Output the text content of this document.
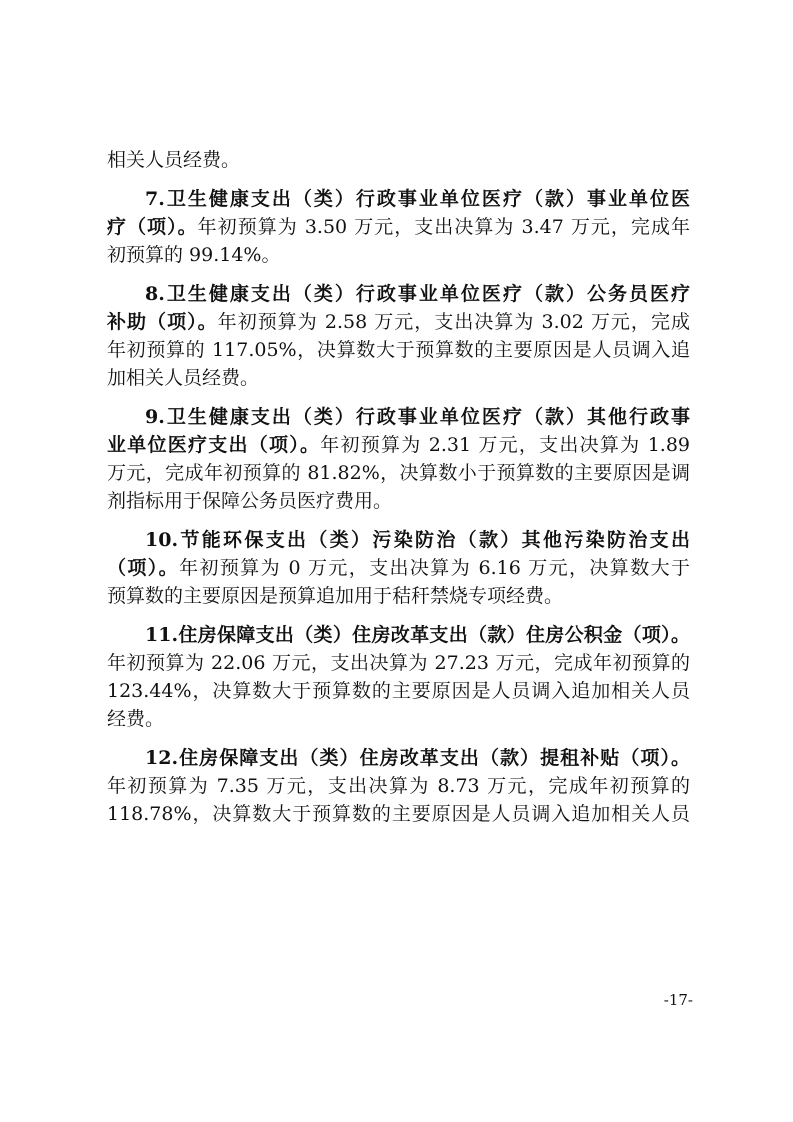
相关人员经费。
7.卫生健康支出（类）行政事业单位医疗（款）事业单位医
疗（项）。年初预算为 3.50 万元，支出决算为 3.47 万元，完成年
初预算的 99.14%。
8.卫生健康支出（类）行政事业单位医疗（款）公务员医疗
补助（项）。年初预算为 2.58 万元，支出决算为 3.02 万元，完成
年初预算的 117.05%，决算数大于预算数的主要原因是人员调入追
加相关人员经费。
9.卫生健康支出（类）行政事业单位医疗（款）其他行政事
业单位医疗支出（项）。年初预算为 2.31 万元，支出决算为 1.89
万元，完成年初预算的 81.82%，决算数小于预算数的主要原因是调
剂指标用于保障公务员医疗费用。
10.节能环保支出（类）污染防治（款）其他污染防治支出
（项）。年初预算为 0 万元，支出决算为 6.16 万元，决算数大于
预算数的主要原因是预算追加用于秸秆禁烧专项经费。
11.住房保障支出（类）住房改革支出（款）住房公积金（项）。
年初预算为 22.06 万元，支出决算为 27.23 万元，完成年初预算的
123.44%，决算数大于预算数的主要原因是人员调入追加相关人员
经费。
12.住房保障支出（类）住房改革支出（款）提租补贴（项）。
年初预算为 7.35 万元，支出决算为 8.73 万元，完成年初预算的
118.78%，决算数大于预算数的主要原因是人员调入追加相关人员
-17-
